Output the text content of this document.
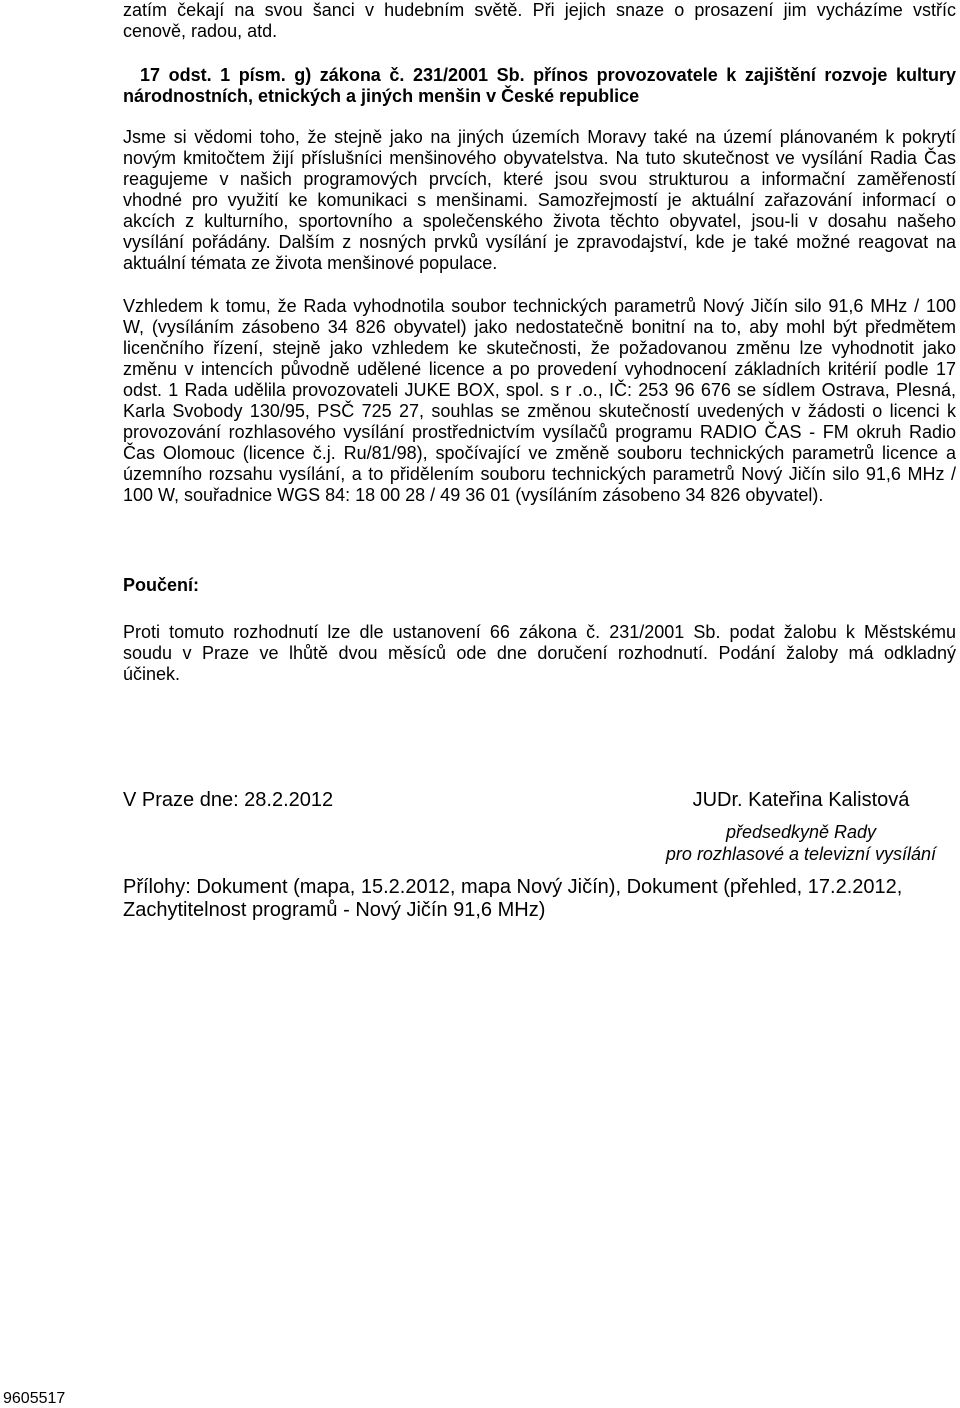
zatím čekají na svou šanci v hudebním světě. Při jejich snaze o prosazení jim vycházíme vstříc
cenově, radou, atd.
17 odst. 1 písm. g) zákona č. 231/2001 Sb. přínos provozovatele k zajištění rozvoje kultury
národnostních, etnických a jiných menšin v České republice
Jsme si vědomi toho, že stejně jako na jiných územích Moravy také na území plánovaném k pokrytí
novým kmitočtem žijí příslušníci menšinového obyvatelstva. Na tuto skutečnost ve vysílání Radia Čas
reagujeme v našich programových prvcích, které jsou svou strukturou a informační zaměřeností
vhodné pro využití ke komunikaci s menšinami. Samozřejmostí je aktuální zařazování informací o
akcích z kulturního, sportovního a společenského života těchto obyvatel, jsou-li v dosahu našeho
vysílání pořádány. Dalším z nosných prvků vysílání je zpravodajství, kde je také možné reagovat na
aktuální témata ze života menšinové populace.
Vzhledem k tomu, že Rada vyhodnotila soubor technických parametrů Nový Jičín silo 91,6 MHz / 100
W, (vysíláním zásobeno 34 826 obyvatel) jako nedostatečně bonitní na to, aby mohl být předmětem
licenčního řízení, stejně jako vzhledem ke skutečnosti, že požadovanou změnu lze vyhodnotit jako
změnu v intencích původně udělené licence a po provedení vyhodnocení základních kritérií podle 17
odst. 1 Rada udělila provozovateli JUKE BOX, spol. s r .o., IČ: 253 96 676 se sídlem Ostrava, Plesná,
Karla Svobody 130/95, PSČ 725 27, souhlas se změnou skutečností uvedených v žádosti o licenci k
provozování rozhlasového vysílání prostřednictvím vysílačů programu RADIO ČAS - FM okruh Radio
Čas Olomouc (licence č.j. Ru/81/98), spočívající ve změně souboru technických parametrů licence a
územního rozsahu vysílání, a to přidělením souboru technických parametrů Nový Jičín silo 91,6 MHz /
100 W, souřadnice WGS 84: 18 00 28 / 49 36 01 (vysíláním zásobeno 34 826 obyvatel).
Poučení:
Proti tomuto rozhodnutí lze dle ustanovení 66 zákona č. 231/2001 Sb. podat žalobu k Městskému
soudu v Praze ve lhůtě dvou měsíců ode dne doručení rozhodnutí. Podání žaloby má odkladný
účinek.
V Praze dne: 28.2.2012	JUDr. Kateřina Kalistová
předsedkyně Rady
pro rozhlasové a televizní vysílání
Přílohy: Dokument (mapa, 15.2.2012, mapa Nový Jičín), Dokument (přehled, 17.2.2012,
Zachytitelnost programů - Nový Jičín 91,6 MHz)
9605517
